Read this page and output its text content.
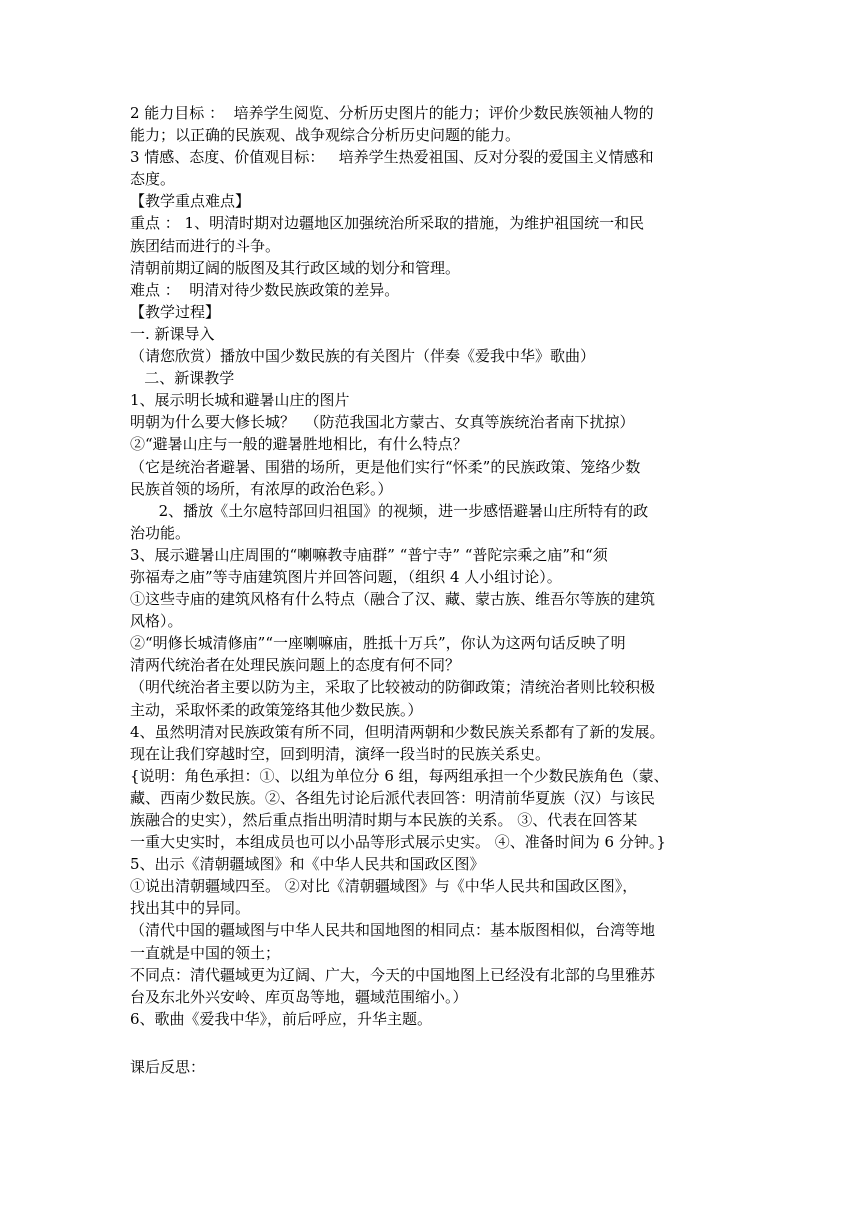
2 能力目标 ：  培养学生阅览、分析历史图片的能力；评价少数民族领袖人物的
能力；以正确的民族观、战争观综合分析历史问题的能力。
3 情感、态度、价值观目标：   培养学生热爱祖国、反对分裂的爱国主义情感和
态度。
【教学重点难点】
重点 ： 1、明清时期对边疆地区加强统治所采取的措施，为维护祖国统一和民
族团结而进行的斗争。
清朝前期辽阔的版图及其行政区域的划分和管理。
难点 ：  明清对待少数民族政策的差异。
【教学过程】
一. 新课导入
（请您欣赏）播放中国少数民族的有关图片（伴奏《爱我中华》歌曲）
二、新课教学
1、展示明长城和避暑山庄的图片
明朝为什么要大修长城？  （防范我国北方蒙古、女真等族统治者南下扰掠）
②“避暑山庄与一般的避暑胜地相比，有什么特点？
（它是统治者避暑、围猎的场所，更是他们实行“怀柔”的民族政策、笼络少数
民族首领的场所，有浓厚的政治色彩。）
2、播放《土尔扈特部回归祖国》的视频，进一步感悟避暑山庄所特有的政
治功能。
3、展示避暑山庄周围的“喇嘛教寺庙群” “普宁寺” “普陀宗乘之庙”和“须
弥福寿之庙”等寺庙建筑图片并回答问题，（组织 4 人小组讨论）。
①这些寺庙的建筑风格有什么特点（融合了汉、藏、蒙古族、维吾尔等族的建筑
风格）。
②“明修长城清修庙”“一座喇嘛庙，胜抵十万兵”，你认为这两句话反映了明
清两代统治者在处理民族问题上的态度有何不同？
（明代统治者主要以防为主，采取了比较被动的防御政策；清统治者则比较积极
主动，采取怀柔的政策笼络其他少数民族。）
4、虽然明清对民族政策有所不同，但明清两朝和少数民族关系都有了新的发展。
现在让我们穿越时空，回到明清，演绎一段当时的民族关系史。
{说明：角色承担：①、以组为单位分 6 组，每两组承担一个少数民族角色（蒙、
藏、西南少数民族。②、各组先讨论后派代表回答：明清前华夏族（汉）与该民
族融合的史实），然后重点指出明清时期与本民族的关系。 ③、代表在回答某
一重大史实时，本组成员也可以小品等形式展示史实。 ④、准备时间为 6 分钟。}
5、出示《清朝疆域图》和《中华人民共和国政区图》
①说出清朝疆域四至。 ②对比《清朝疆域图》与《中华人民共和国政区图》，
找出其中的异同。
（清代中国的疆域图与中华人民共和国地图的相同点：基本版图相似，台湾等地
一直就是中国的领土；
不同点：清代疆域更为辽阔、广大，今天的中国地图上已经没有北部的乌里雅苏
台及东北外兴安岭、库页岛等地，疆域范围缩小。）
6、歌曲《爱我中华》，前后呼应，升华主题。
课后反思：
